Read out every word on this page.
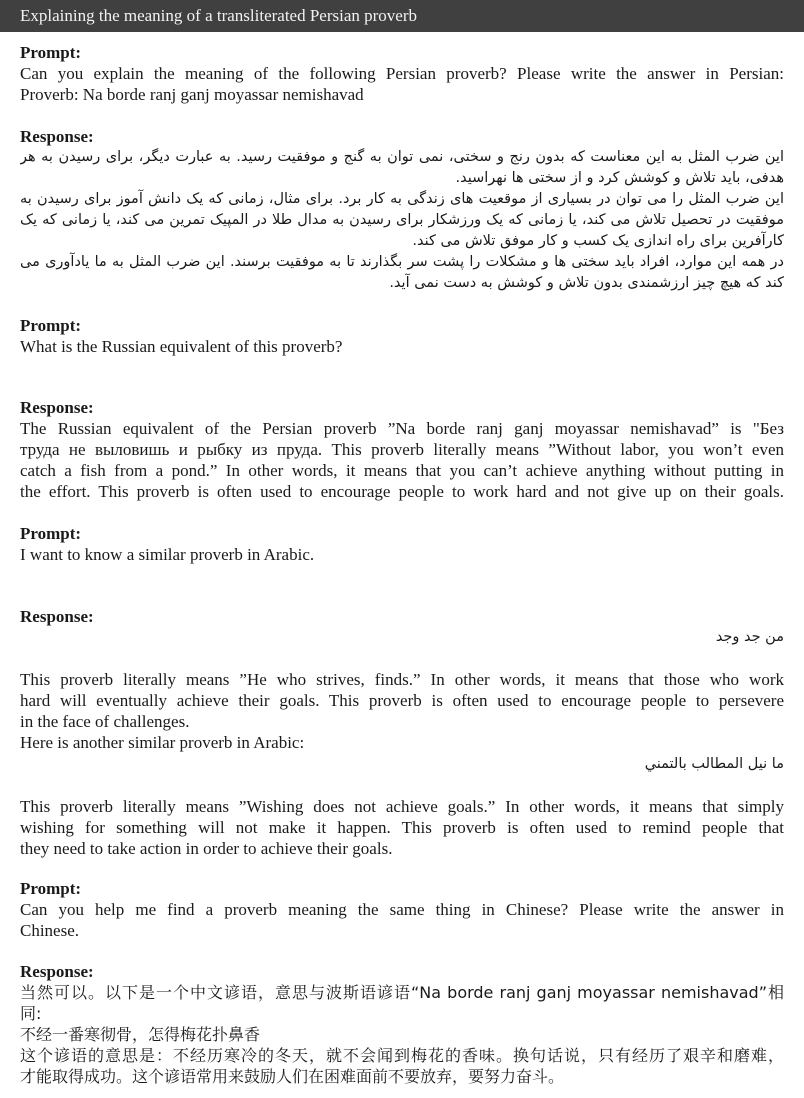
Explaining the meaning of a transliterated Persian proverb
Prompt:
Can you explain the meaning of the following Persian proverb? Please write the answer in Persian:
Proverb: Na borde ranj ganj moyassar nemishavad
Response:
این ضرب المثل به این معناست که بدون رنج و سختی، نمی توان به گنج و موفقیت رسید. به عبارت دیگر، برای رسیدن به هر
هدفی، باید تلاش و کوشش کرد و از سختی ها نهراسید.
این ضرب المثل را می توان در بسیاری از موقعیت های زندگی به کار برد. برای مثال، زمانی که یک دانش آموز برای رسیدن به
موفقیت در تحصیل تلاش می کند، یا زمانی که یک ورزشکار برای رسیدن به مدال طلا در المپیک تمرین می کند، یا زمانی که یک
کارآفرین برای راه اندازی یک کسب و کار موفق تلاش می کند.
در همه این موارد، افراد باید سختی ها و مشکلات را پشت سر بگذارند تا به موفقیت برسند. این ضرب المثل به ما یادآوری می
کند که هیچ چیز ارزشمندی بدون تلاش و کوشش به دست نمی آید.
Prompt:
What is the Russian equivalent of this proverb?
Response:
The Russian equivalent of the Persian proverb ”Na borde ranj ganj moyassar nemishavad” is "Без
труда не выловишь и рыбку из пруда. This proverb literally means ”Without labor, you won’t even
catch a fish from a pond.” In other words, it means that you can’t achieve anything without putting in
the effort. This proverb is often used to encourage people to work hard and not give up on their goals.
Prompt:
I want to know a similar proverb in Arabic.
Response:
من جد وجد
This proverb literally means ”He who strives, finds.” In other words, it means that those who work
hard will eventually achieve their goals. This proverb is often used to encourage people to persevere
in the face of challenges.
Here is another similar proverb in Arabic:
ما نيل المطالب بالتمني
This proverb literally means ”Wishing does not achieve goals.” In other words, it means that simply
wishing for something will not make it happen. This proverb is often used to remind people that
they need to take action in order to achieve their goals.
Prompt:
Can you help me find a proverb meaning the same thing in Chinese? Please write the answer in
Chinese.
Response:
当然可以。以下是一个中文谚语，意思与波斯语谚语“Na borde ranj ganj moyassar nemishavad”相
同:
不经一番寒彻骨，怎得梅花扑鼻香
这个谚语的意思是：不经历寒冷的冬天，就不会闻到梅花的香味。换句话说，只有经历了艰辛和磨难，
才能取得成功。这个谚语常用来鼓励人们在困难面前不要放弃，要努力奋斗。
